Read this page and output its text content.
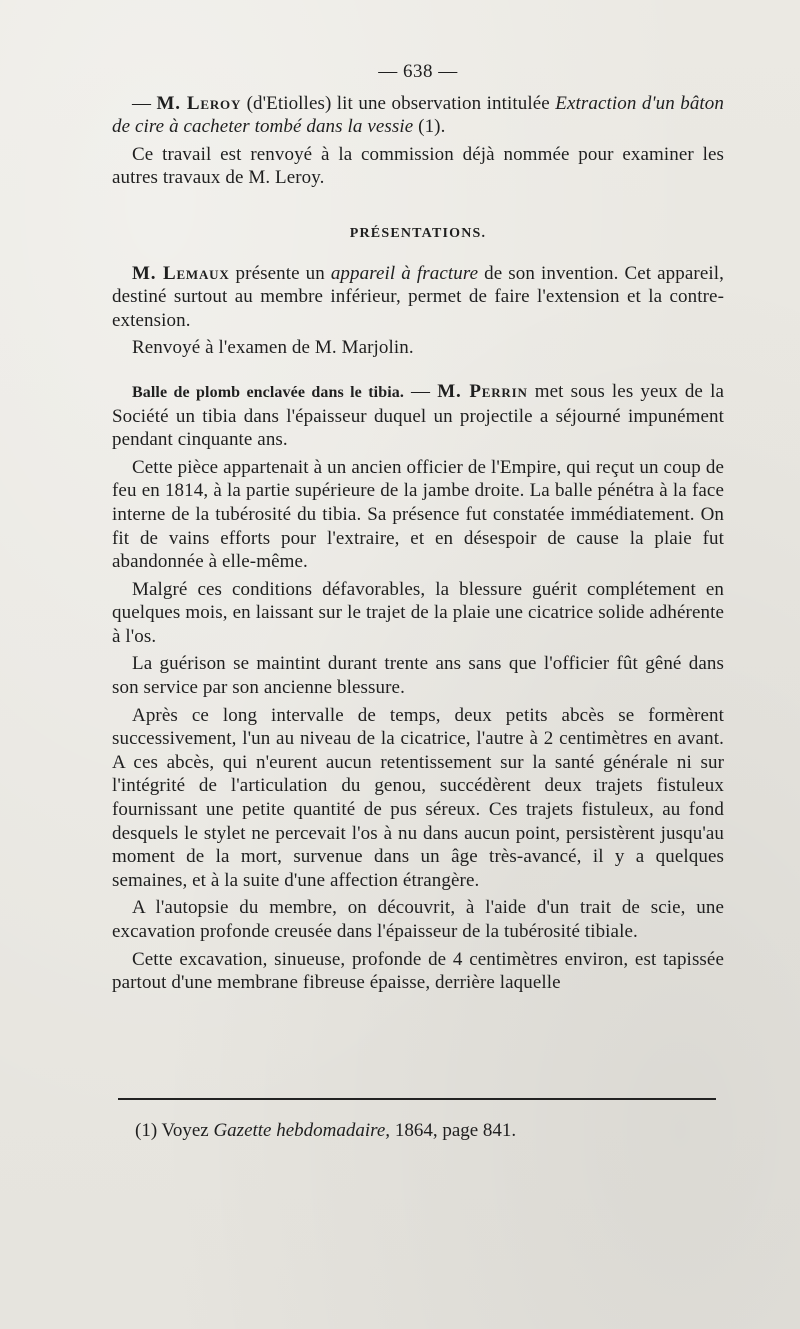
— 638 —

— M. Leroy (d'Etiolles) lit une observation intitulée Extraction d'un bâton de cire à cacheter tombé dans la vessie (1).

Ce travail est renvoyé à la commission déjà nommée pour examiner les autres travaux de M. Leroy.

PRÉSENTATIONS.

M. Lemaux présente un appareil à fracture de son invention. Cet appareil, destiné surtout au membre inférieur, permet de faire l'extension et la contre-extension.

Renvoyé à l'examen de M. Marjolin.

Balle de plomb enclavée dans le tibia. — M. Perrin met sous les yeux de la Société un tibia dans l'épaisseur duquel un projectile a séjourné impunément pendant cinquante ans.

Cette pièce appartenait à un ancien officier de l'Empire, qui reçut un coup de feu en 1814, à la partie supérieure de la jambe droite. La balle pénétra à la face interne de la tubérosité du tibia. Sa présence fut constatée immédiatement. On fit de vains efforts pour l'extraire, et en désespoir de cause la plaie fut abandonnée à elle-même.

Malgré ces conditions défavorables, la blessure guérit complétement en quelques mois, en laissant sur le trajet de la plaie une cicatrice solide adhérente à l'os.

La guérison se maintint durant trente ans sans que l'officier fût gêné dans son service par son ancienne blessure.

Après ce long intervalle de temps, deux petits abcès se formèrent successivement, l'un au niveau de la cicatrice, l'autre à 2 centimètres en avant. A ces abcès, qui n'eurent aucun retentissement sur la santé générale ni sur l'intégrité de l'articulation du genou, succédèrent deux trajets fistuleux fournissant une petite quantité de pus séreux. Ces trajets fistuleux, au fond desquels le stylet ne percevait l'os à nu dans aucun point, persistèrent jusqu'au moment de la mort, survenue dans un âge très-avancé, il y a quelques semaines, et à la suite d'une affection étrangère.

A l'autopsie du membre, on découvrit, à l'aide d'un trait de scie, une excavation profonde creusée dans l'épaisseur de la tubérosité tibiale.

Cette excavation, sinueuse, profonde de 4 centimètres environ, est tapissée partout d'une membrane fibreuse épaisse, derrière laquelle

(1) Voyez Gazette hebdomadaire, 1864, page 841.
